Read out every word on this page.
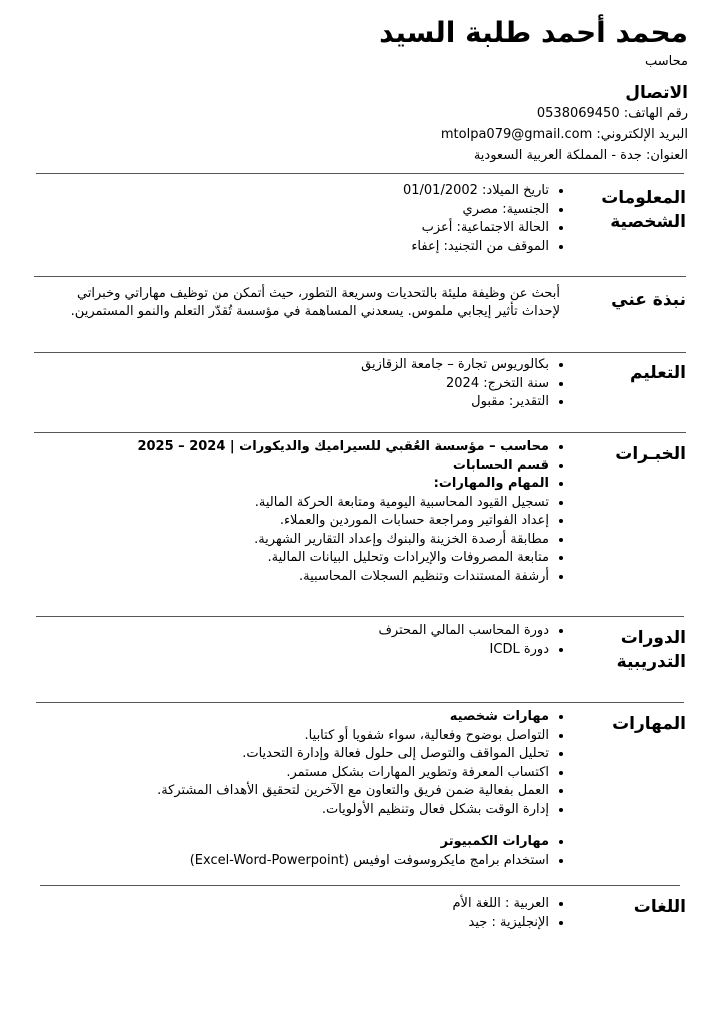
محمد أحمد طلبة السيد
محاسب
الاتصال
رقم الهاتف: 0538069450
البريد الإلكتروني: mtolpa079@gmail.com
العنوان: جدة - المملكة العربية السعودية
المعلومات الشخصية
• تاريخ الميلاد: 01/01/2002
• الجنسية: مصري
• الحالة الاجتماعية: أعزب
• الموقف من التجنيد: إعفاء
نبذة عني
أبحث عن وظيفة مليئة بالتحديات وسريعة التطور، حيث أتمكن من توظيف مهاراتي وخبراتي لإحداث تأثير إيجابي ملموس. يسعدني المساهمة في مؤسسة تُقدّر التعلم والنمو المستمرين.
التعليم
• بكالوريوس تجارة – جامعة الزقازيق
• سنة التخرج: 2024
• التقدير: مقبول
الخبـرات
• محاسب – مؤسسة العُقبي للسيراميك والديكورات | 2024 – 2025
• قسم الحسابات
• المهام والمهارات:
• تسجيل القيود المحاسبية اليومية ومتابعة الحركة المالية.
• إعداد الفواتير ومراجعة حسابات الموردين والعملاء.
• مطابقة أرصدة الخزينة والبنوك وإعداد التقارير الشهرية.
• متابعة المصروفات والإيرادات وتحليل البيانات المالية.
• أرشفة المستندات وتنظيم السجلات المحاسبية.
الدورات التدريبية
• دورة المحاسب المالي المحترف
• دورة ICDL
المهارات
• مهارات شخصيه
• التواصل بوضوح وفعالية، سواء شفويا أو كتابيا.
• تحليل المواقف والتوصل إلى حلول فعالة وإدارة التحديات.
• اكتساب المعرفة وتطوير المهارات بشكل مستمر.
• العمل بفعالية ضمن فريق والتعاون مع الآخرين لتحقيق الأهداف المشتركة.
• إدارة الوقت بشكل فعال وتنظيم الأولويات.
• مهارات الكمبيوتر
• استخدام برامج مايكروسوفت اوفيس (Excel-Word-Powerpoint)
اللغات
• العربية : اللغة الأم
• الإنجليزية : جيد
